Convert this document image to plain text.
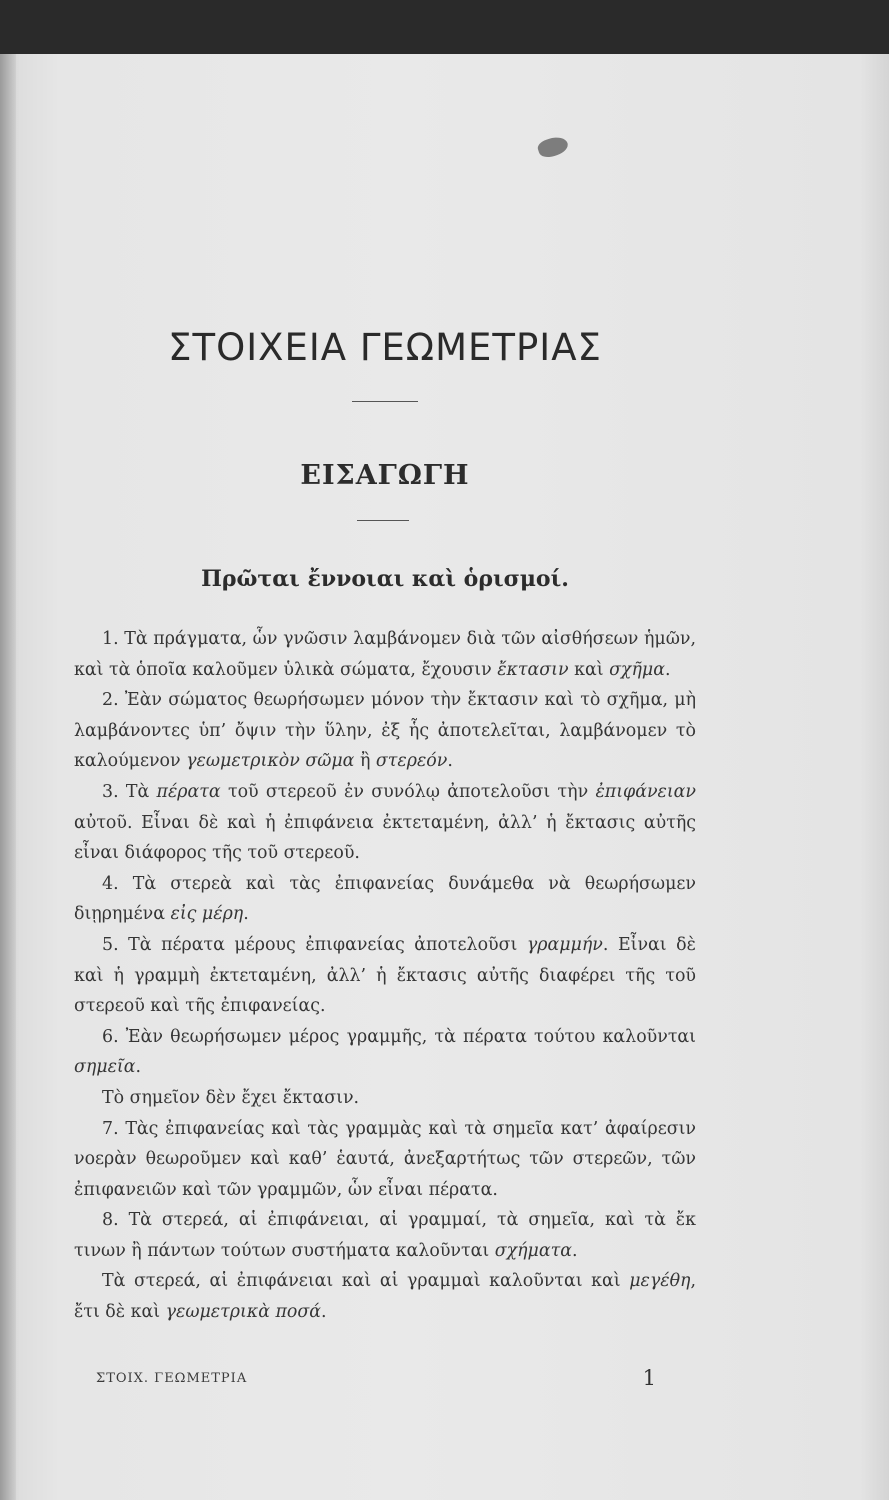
ΣΤΟΙΧΕΙΑ ΓΕΩΜΕΤΡΙΑΣ
ΕΙΣΑΓΩΓΗ
Πρῶται ἔννοιαι καὶ ὁρισμοί.

1. Τὰ πράγματα, ὧν γνῶσιν λαμβάνομεν διὰ τῶν αἰσθήσεων ἡμῶν, καὶ τὰ ὁποῖα καλοῦμεν ὑλικὰ σώματα, ἔχουσιν ἔκτασιν καὶ σχῆμα.

2. Ἐὰν σώματος θεωρήσωμεν μόνον τὴν ἔκτασιν καὶ τὸ σχῆμα, μὴ λαμβάνοντες ὑπ’ ὄψιν τὴν ὕλην, ἐξ ἧς ἀποτελεῖται, λαμβάνομεν τὸ καλούμενον γεωμετρικὸν σῶμα ἢ στερεόν.

3. Τὰ πέρατα τοῦ στερεοῦ ἐν συνόλῳ ἀποτελοῦσι τὴν ἐπιφάνειαν αὐτοῦ. Εἶναι δὲ καὶ ἡ ἐπιφάνεια ἐκτεταμένη, ἀλλ’ ἡ ἔκτασις αὐτῆς εἶναι διάφορος τῆς τοῦ στερεοῦ.

4. Τὰ στερεὰ καὶ τὰς ἐπιφανείας δυνάμεθα νὰ θεωρήσωμεν διῃρημένα εἰς μέρη.

5. Τὰ πέρατα μέρους ἐπιφανείας ἀποτελοῦσι γραμμήν. Εἶναι δὲ καὶ ἡ γραμμὴ ἐκτεταμένη, ἀλλ’ ἡ ἔκτασις αὐτῆς διαφέρει τῆς τοῦ στερεοῦ καὶ τῆς ἐπιφανείας.

6. Ἐὰν θεωρήσωμεν μέρος γραμμῆς, τὰ πέρατα τούτου καλοῦνται σημεῖα.

Τὸ σημεῖον δὲν ἔχει ἔκτασιν.

7. Τὰς ἐπιφανείας καὶ τὰς γραμμὰς καὶ τὰ σημεῖα κατ’ ἀφαίρεσιν νοερὰν θεωροῦμεν καὶ καθ’ ἑαυτά, ἀνεξαρτήτως τῶν στερεῶν, τῶν ἐπιφανειῶν καὶ τῶν γραμμῶν, ὧν εἶναι πέρατα.

8. Τὰ στερεά, αἱ ἐπιφάνειαι, αἱ γραμμαί, τὰ σημεῖα, καὶ τὰ ἔκ τινων ἢ πάντων τούτων συστήματα καλοῦνται σχήματα.

Τὰ στερεά, αἱ ἐπιφάνειαι καὶ αἱ γραμμαὶ καλοῦνται καὶ μεγέθη, ἔτι δὲ καὶ γεωμετρικὰ ποσά.

ΣΤΟΙΧ. ΓΕΩΜΕΤΡΙΑ	1
